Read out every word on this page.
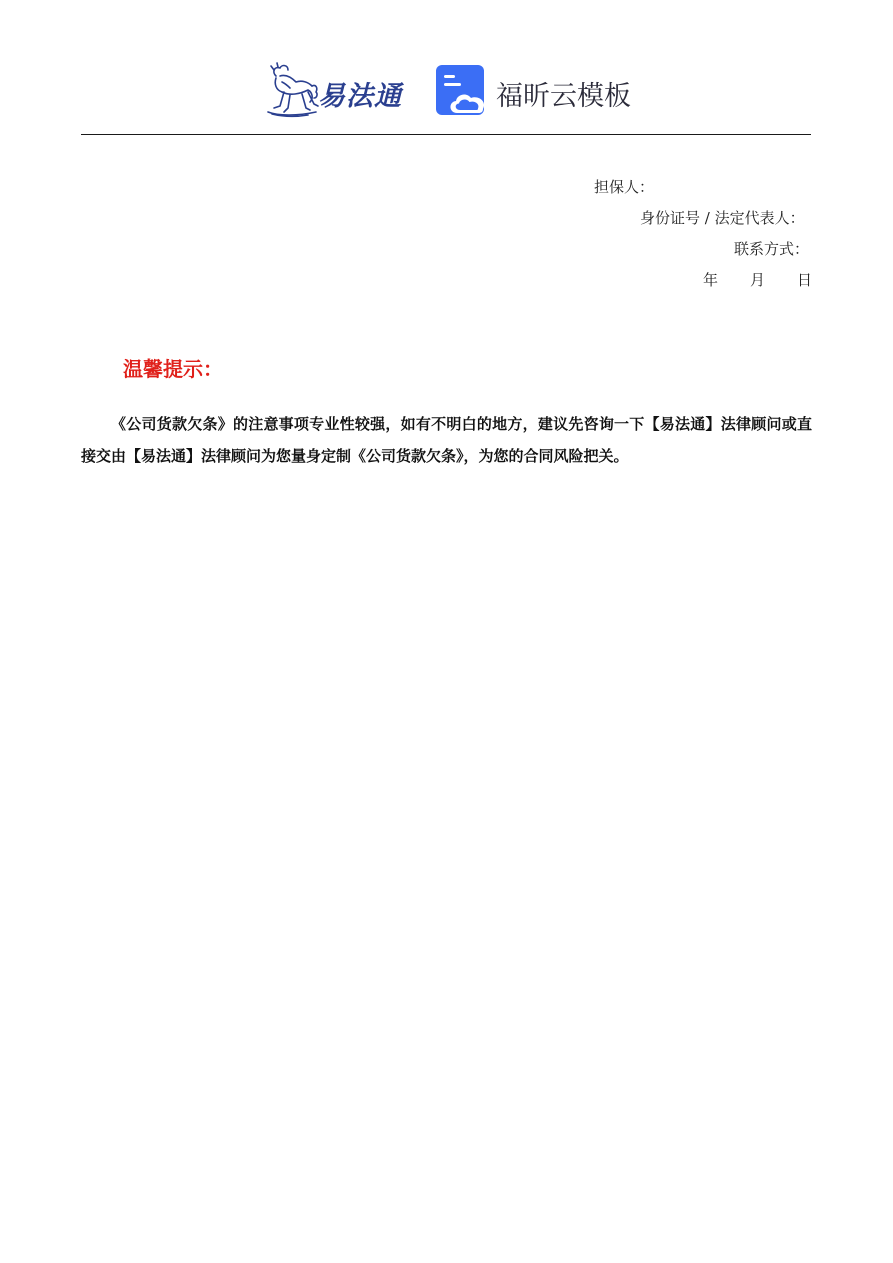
易法通	福昕云模板
担保人：
身份证号 / 法定代表人：
联系方式：
年 月 日
温馨提示：
《公司货款欠条》的注意事项专业性较强，如有不明白的地方，建议先咨询一下【易法通】法律顾问或直接交由【易法通】法律顾问为您量身定制《公司货款欠条》，为您的合同风险把关。
